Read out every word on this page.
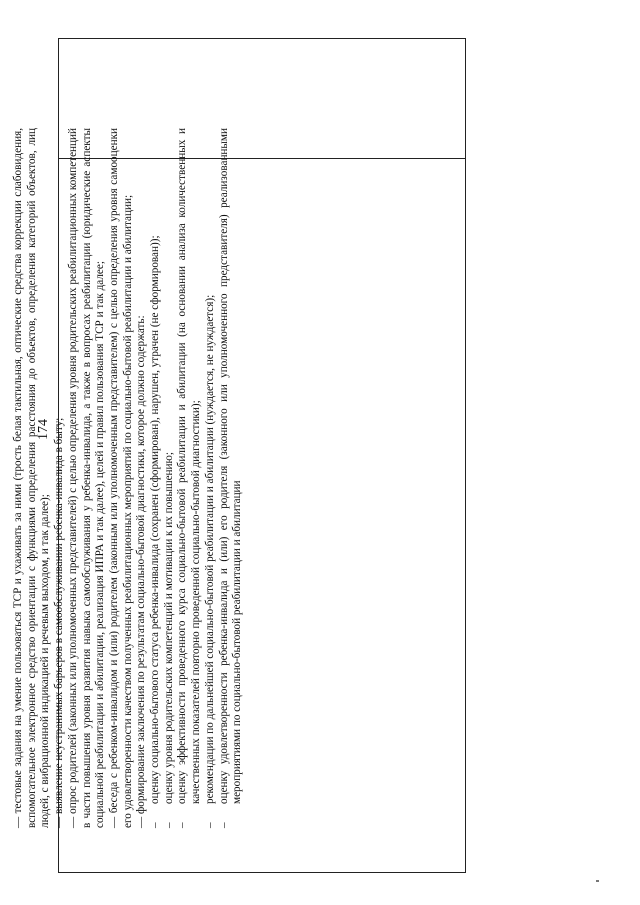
174

— тестовые задания на умение пользоваться ТСР и ухаживать за ними (трость белая тактильная, оптические средства коррекции слабовидения, вспомогательное электронное средство ориентации с функциями определения расстояния до объектов, определения категорий объектов, лиц людей, с вибрационной индикацией и речевым выходом, и так далее); — выявление неустранимых барьеров в самообслуживании ребенка-инвалида в быту; — опрос родителей (законных или уполномоченных представителей) с целью определения уровня родительских реабилитационных компетенций в части повышения уровня развития навыка самообслуживания у ребенка-инвалида, а также в вопросах реабилитации (юридические аспекты социальной реабилитации и абилитации, реализация ИПРА и так далее), целей и правил пользования ТСР и так далее; — беседа с ребенком-инвалидом и (или) родителем (законным или уполномоченным представителем) с целью определения уровня самооценки его удовлетворенности качеством полученных реабилитационных мероприятий по социально-бытовой реабилитации и абилитации; — формирование заключения по результатам социально-бытовой диагностики, которое должно содержать: –
оценку социально-бытового статуса ребенка-инвалида (сохранен (сформирован), нарушен, утрачен (не сформирован));
–
оценку уровня родительских компетенций и мотивации к их повышению;
–
оценку эффективности проведенного курса социально-бытовой реабилитации и абилитации (на основании анализа количественных и качественных показателей повторно проведенной социально-бытовой диагностики);
–
рекомендации по дальнейшей социально-бытовой реабилитации и абилитации (нуждается, не нуждается);
–
оценку удовлетворенности ребенка-инвалида и (или) его родителя (законного или уполномоченного представителя) реализованными мероприятиями по социально-бытовой реабилитации и абилитации
